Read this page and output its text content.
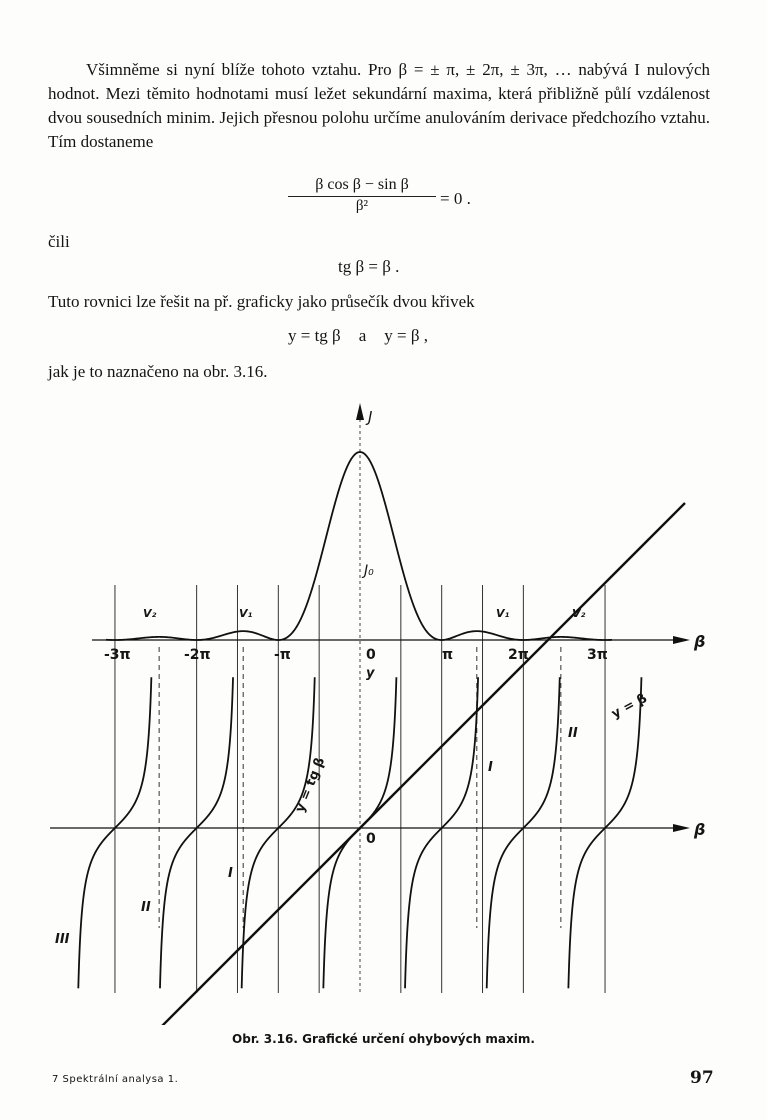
Všimněme si nyní blíže tohoto vztahu. Pro β = ± π, ± 2π, ± 3π, … nabývá I nulových hodnot. Mezi těmito hodnotami musí ležet sekundární maxima, která přibližně půlí vzdálenost dvou sousedních minim. Jejich přesnou polohu určíme anulováním derivace předchozího vztahu. Tím dostaneme

β cos β − sin β
β²	= 0 .
čili
tg β = β .

Tuto rovnici lze řešit na př. graficky jako průsečík dvou křivek

y = tg β a y = β ,

jak je to naznačeno na obr. 3.16.

J
J₀
β
β
0
0
y
-3π	-2π	-π	π	2π	3π
V₂	V₁	V₁	V₂
y = tg β
y = β
I
II
I
II
III
Obr. 3.16. Grafické určení ohybových maxim.
7 Spektrální analysa 1.	97
